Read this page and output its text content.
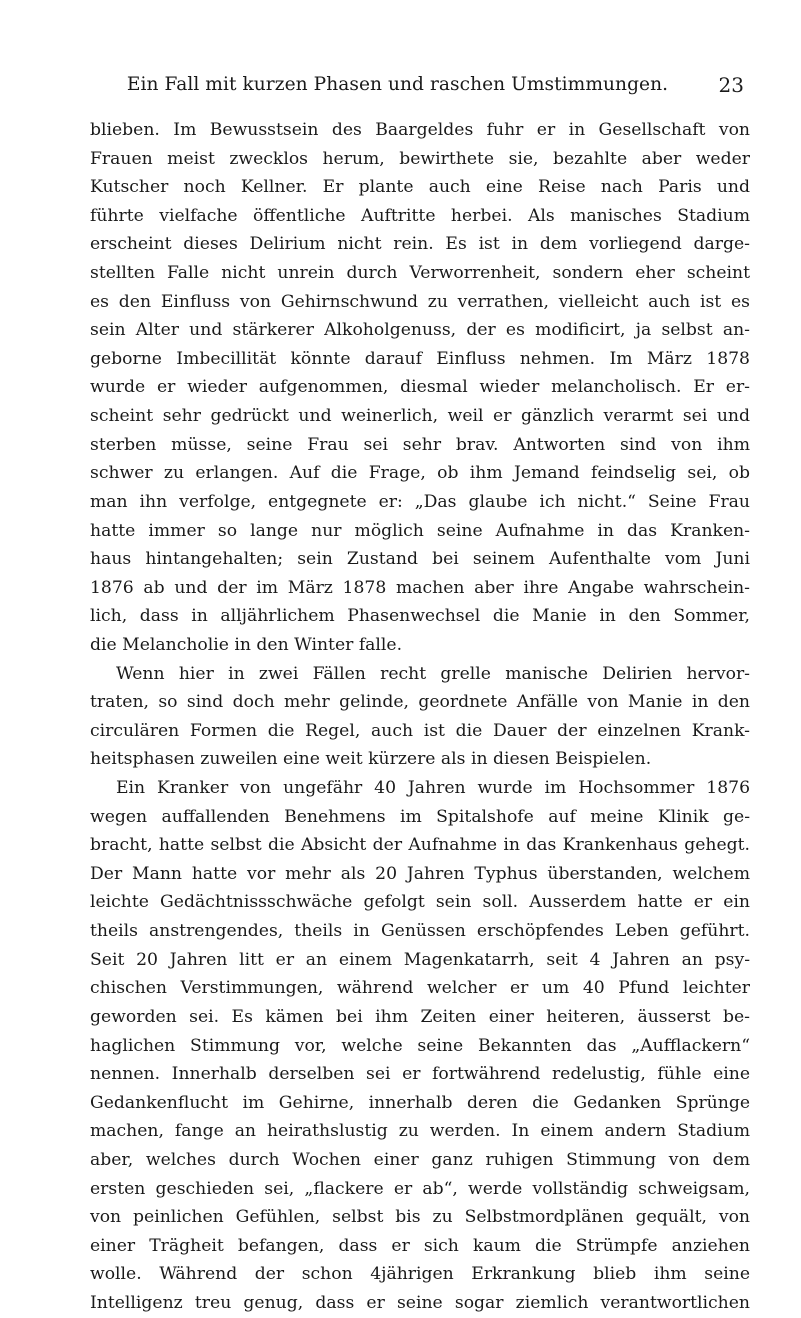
Ein Fall mit kurzen Phasen und raschen Umstimmungen.	23
blieben. Im Bewusstsein des Baargeldes fuhr er in Gesellschaft von
Frauen meist zwecklos herum, bewirthete sie, bezahlte aber weder
Kutscher noch Kellner. Er plante auch eine Reise nach Paris und
führte vielfache öffentliche Auftritte herbei. Als manisches Stadium
erscheint dieses Delirium nicht rein. Es ist in dem vorliegend darge-
stellten Falle nicht unrein durch Verworrenheit, sondern eher scheint
es den Einfluss von Gehirnschwund zu verrathen, vielleicht auch ist es
sein Alter und stärkerer Alkoholgenuss, der es modificirt, ja selbst an-
geborne Imbecillität könnte darauf Einfluss nehmen. Im März 1878
wurde er wieder aufgenommen, diesmal wieder melancholisch. Er er-
scheint sehr gedrückt und weinerlich, weil er gänzlich verarmt sei und
sterben müsse, seine Frau sei sehr brav. Antworten sind von ihm
schwer zu erlangen. Auf die Frage, ob ihm Jemand feindselig sei, ob
man ihn verfolge, entgegnete er: „Das glaube ich nicht.“ Seine Frau
hatte immer so lange nur möglich seine Aufnahme in das Kranken-
haus hintangehalten; sein Zustand bei seinem Aufenthalte vom Juni
1876 ab und der im März 1878 machen aber ihre Angabe wahrschein-
lich, dass in alljährlichem Phasenwechsel die Manie in den Sommer,
die Melancholie in den Winter falle.
Wenn hier in zwei Fällen recht grelle manische Delirien hervor-
traten, so sind doch mehr gelinde, geordnete Anfälle von Manie in den
circulären Formen die Regel, auch ist die Dauer der einzelnen Krank-
heitsphasen zuweilen eine weit kürzere als in diesen Beispielen.
Ein Kranker von ungefähr 40 Jahren wurde im Hochsommer 1876
wegen auffallenden Benehmens im Spitalshofe auf meine Klinik ge-
bracht, hatte selbst die Absicht der Aufnahme in das Krankenhaus gehegt.
Der Mann hatte vor mehr als 20 Jahren Typhus überstanden, welchem
leichte Gedächtnissschwäche gefolgt sein soll. Ausserdem hatte er ein
theils anstrengendes, theils in Genüssen erschöpfendes Leben geführt.
Seit 20 Jahren litt er an einem Magenkatarrh, seit 4 Jahren an psy-
chischen Verstimmungen, während welcher er um 40 Pfund leichter
geworden sei. Es kämen bei ihm Zeiten einer heiteren, äusserst be-
haglichen Stimmung vor, welche seine Bekannten das „Aufflackern“
nennen. Innerhalb derselben sei er fortwährend redelustig, fühle eine
Gedankenflucht im Gehirne, innerhalb deren die Gedanken Sprünge
machen, fange an heirathslustig zu werden. In einem andern Stadium
aber, welches durch Wochen einer ganz ruhigen Stimmung von dem
ersten geschieden sei, „flackere er ab“, werde vollständig schweigsam,
von peinlichen Gefühlen, selbst bis zu Selbstmordplänen gequält, von
einer Trägheit befangen, dass er sich kaum die Strümpfe anziehen
wolle. Während der schon 4jährigen Erkrankung blieb ihm seine
Intelligenz treu genug, dass er seine sogar ziemlich verantwortlichen
